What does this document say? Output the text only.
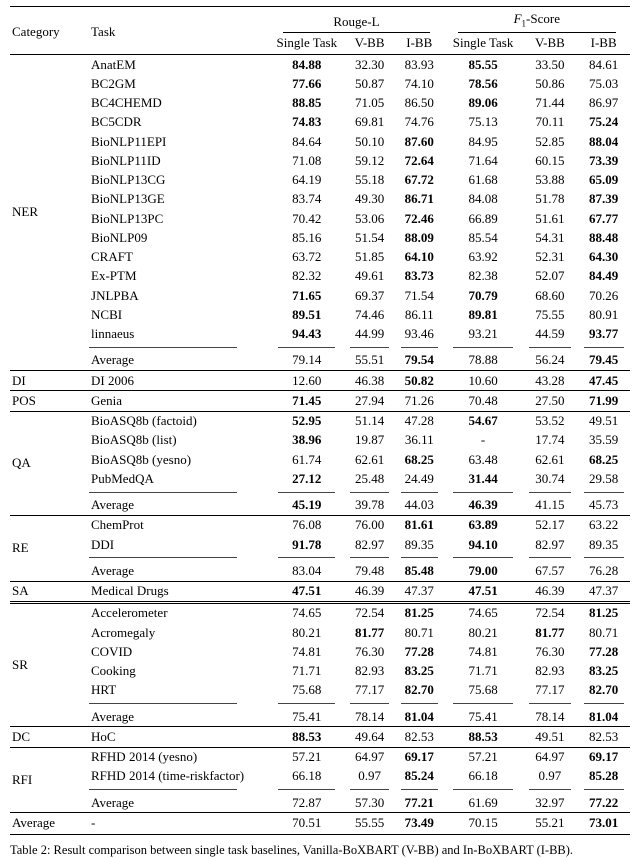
Category	Task	Rouge-L			$F_1$-Score		

		Single Task	V-BB	I-BB	Single Task	V-BB	I-BB
NER	AnatEM	84.88	32.30	83.93	85.55	33.50	84.61
	BC2GM	77.66	50.87	74.10	78.56	50.86	75.03
	BC4CHEMD	88.85	71.05	86.50	89.06	71.44	86.97
	BC5CDR	74.83	69.81	74.76	75.13	70.11	75.24
	BioNLP11EPI	84.64	50.10	87.60	84.95	52.85	88.04
	BioNLP11ID	71.08	59.12	72.64	71.64	60.15	73.39
	BioNLP13CG	64.19	55.18	67.72	61.68	53.88	65.09
	BioNLP13GE	83.74	49.30	86.71	84.08	51.78	87.39
	BioNLP13PC	70.42	53.06	72.46	66.89	51.61	67.77
	BioNLP09	85.16	51.54	88.09	85.54	54.31	88.48
	CRAFT	63.72	51.85	64.10	63.92	52.31	64.30
	Ex-PTM	82.32	49.61	83.73	82.38	52.07	84.49
	JNLPBA	71.65	69.37	71.54	70.79	68.60	70.26
	NCBI	89.51	74.46	86.11	89.81	75.55	80.91
	linnaeus	94.43	44.99	93.46	93.21	44.59	93.77

	Average	79.14	55.51	79.54	78.88	56.24	79.45
DI	DI 2006	12.60	46.38	50.82	10.60	43.28	47.45
POS	Genia	71.45	27.94	71.26	70.48	27.50	71.99
QA	BioASQ8b (factoid)	52.95	51.14	47.28	54.67	53.52	49.51
	BioASQ8b (list)	38.96	19.87	36.11	-	17.74	35.59
	BioASQ8b (yesno)	61.74	62.61	68.25	63.48	62.61	68.25
	PubMedQA	27.12	25.48	24.49	31.44	30.74	29.58

	Average	45.19	39.78	44.03	46.39	41.15	45.73
RE	ChemProt	76.08	76.00	81.61	63.89	52.17	63.22
	DDI	91.78	82.97	89.35	94.10	82.97	89.35

	Average	83.04	79.48	85.48	79.00	67.57	76.28
SA	Medical Drugs	47.51	46.39	47.37	47.51	46.39	47.37
SR	Accelerometer	74.65	72.54	81.25	74.65	72.54	81.25
	Acromegaly	80.21	81.77	80.71	80.21	81.77	80.71
	COVID	74.81	76.30	77.28	74.81	76.30	77.28
	Cooking	71.71	82.93	83.25	71.71	82.93	83.25
	HRT	75.68	77.17	82.70	75.68	77.17	82.70

	Average	75.41	78.14	81.04	75.41	78.14	81.04
DC	HoC	88.53	49.64	82.53	88.53	49.51	82.53
RFI	RFHD 2014 (yesno)	57.21	64.97	69.17	57.21	64.97	69.17
	RFHD 2014 (time-riskfactor)	66.18	0.97	85.24	66.18	0.97	85.28

	Average	72.87	57.30	77.21	61.69	32.97	77.22
Average	-	70.51	55.55	73.49	70.15	55.21	73.01
Table 2: Result comparison between single task baselines, Vanilla-BoXBART (V-BB) and In-BoXBART (I-BB).
